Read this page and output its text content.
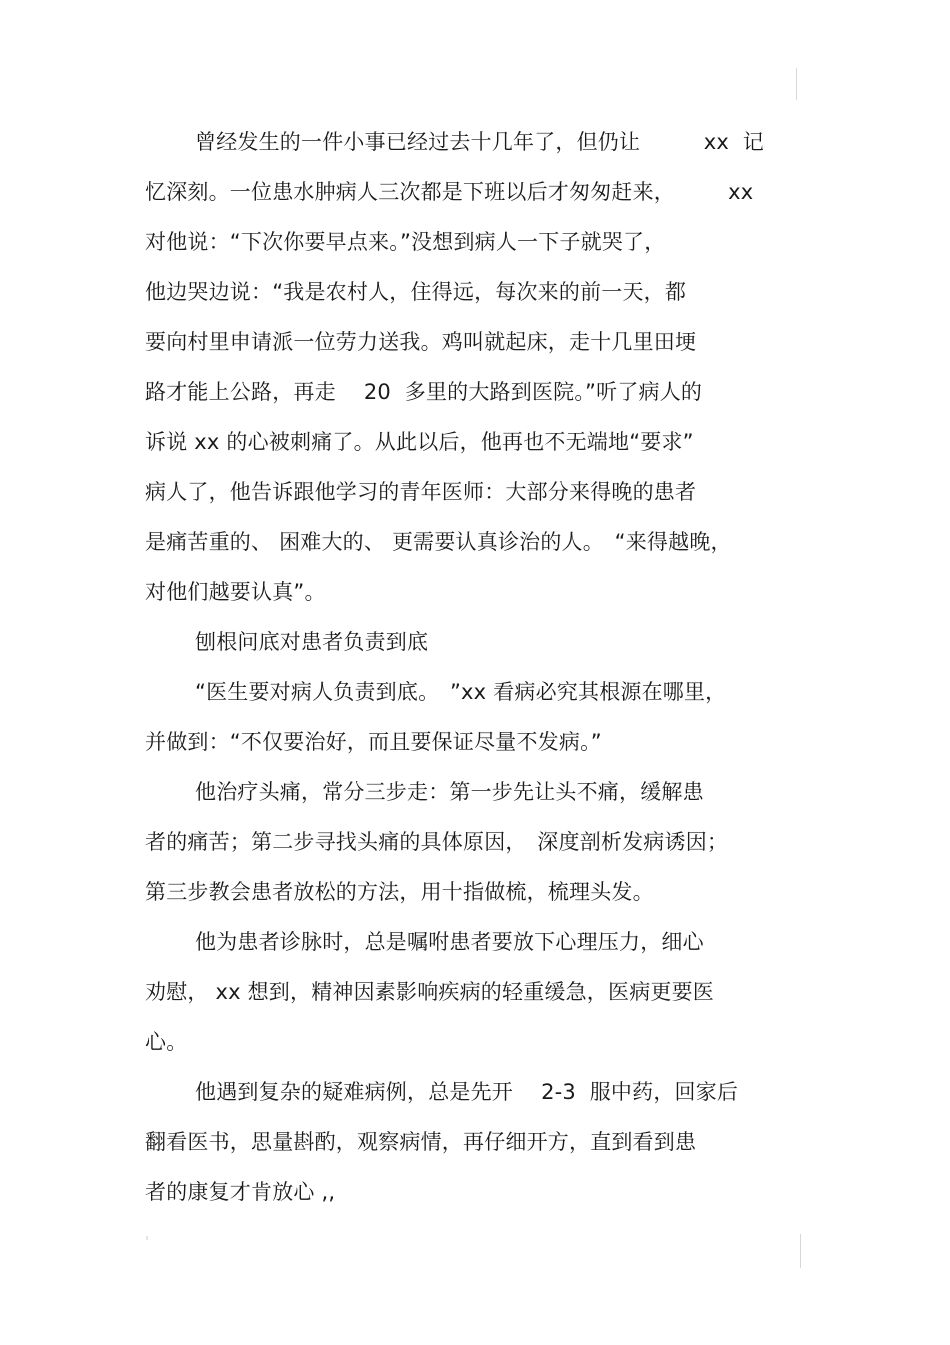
曾经发生的一件小事已经过去十几年了，但仍让　　　xx  记
忆深刻。一位患水肿病人三次都是下班以后才匆匆赶来，　　　xx
对他说：“下次你要早点来。”没想到病人一下子就哭了，
他边哭边说：“我是农村人，住得远，每次来的前一天，都
要向村里申请派一位劳力送我。鸡叫就起床，走十几里田埂
路才能上公路，再走　 20  多里的大路到医院。”听了病人的
诉说 xx 的心被刺痛了。从此以后，他再也不无端地“要求”
病人了，他告诉跟他学习的青年医师：大部分来得晚的患者
是痛苦重的、 困难大的、 更需要认真诊治的人。　“来得越晚，
对他们越要认真”。
刨根问底对患者负责到底
“医生要对病人负责到底。　”xx 看病必究其根源在哪里，
并做到：“不仅要治好，而且要保证尽量不发病。”
他治疗头痛，常分三步走：第一步先让头不痛，缓解患
者的痛苦；第二步寻找头痛的具体原因，　深度剖析发病诱因；
第三步教会患者放松的方法，用十指做梳，梳理头发。
他为患者诊脉时，总是嘱咐患者要放下心理压力，细心
劝慰， xx 想到，精神因素影响疾病的轻重缓急，医病更要医
心。
他遇到复杂的疑难病例，总是先开　 2-3  服中药，回家后
翻看医书，思量斟酌，观察病情，再仔细开方，直到看到患
者的康复才肯放心 ,,
